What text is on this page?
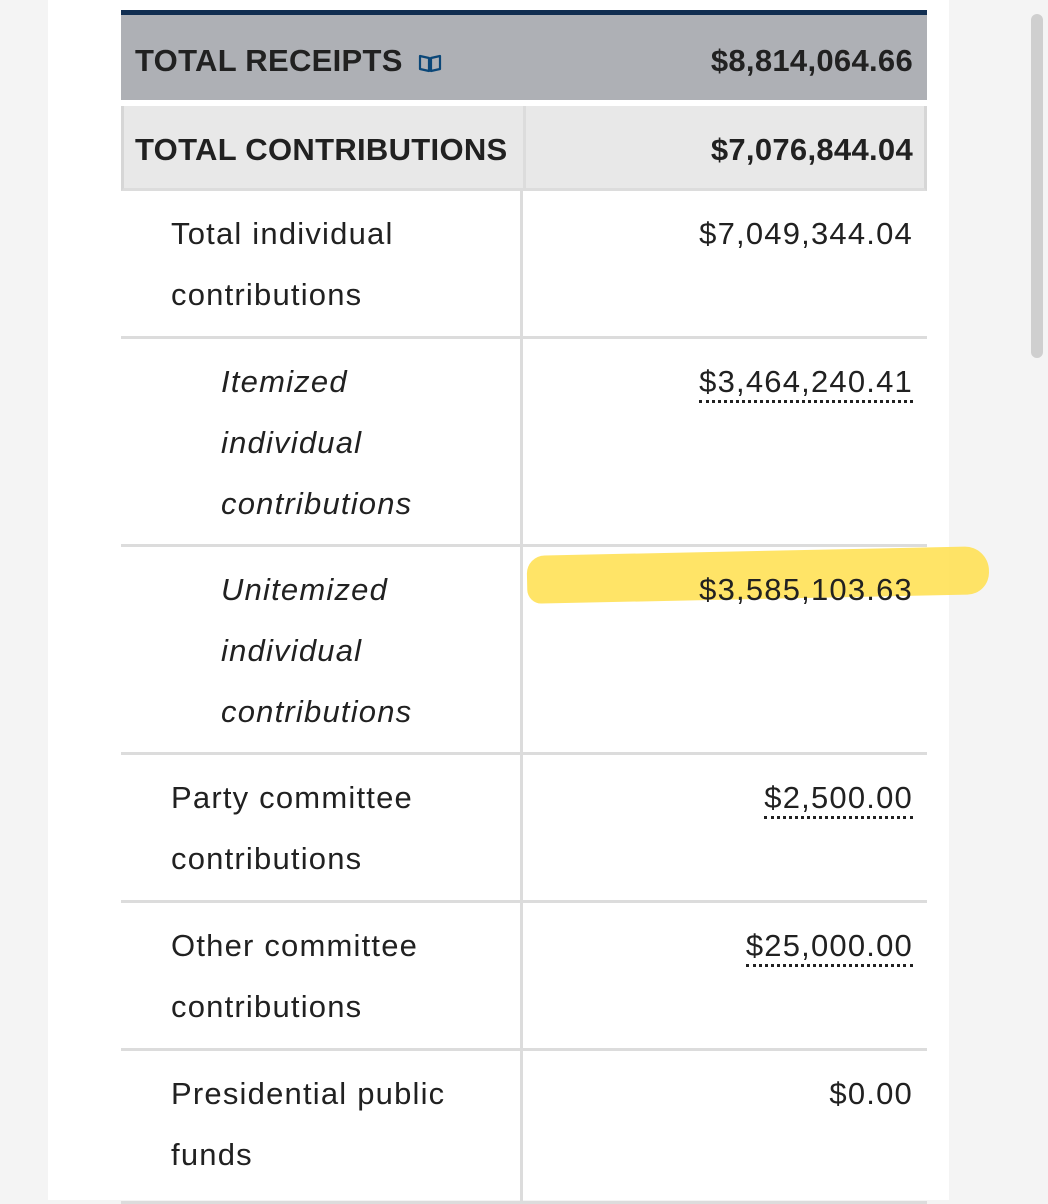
TOTAL RECEIPTS	$8,814,064.66
TOTAL CONTRIBUTIONS	$7,076,844.04
Total individual
contributions
$7,049,344.04
Itemized
individual
contributions
$3,464,240.41
Unitemized
individual
contributions
$3,585,103.63
Party committee
contributions
$2,500.00
Other committee
contributions
$25,000.00
Presidential public
funds
$0.00
